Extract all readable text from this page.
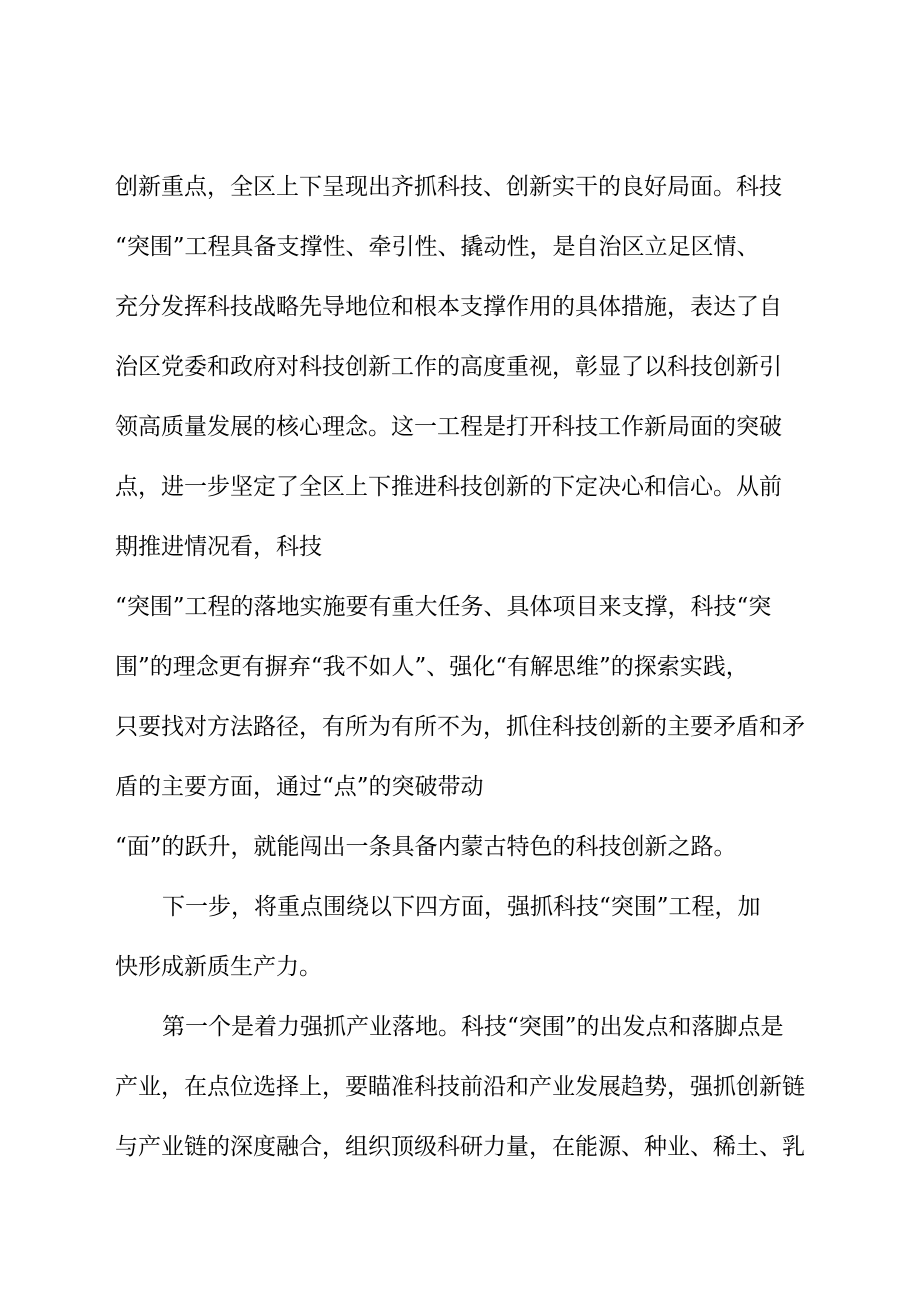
创新重点，全区上下呈现出齐抓科技、创新实干的良好局面。科技
“突围”工程具备支撑性、牵引性、撬动性，是自治区立足区情、
充分发挥科技战略先导地位和根本支撑作用的具体措施，表达了自
治区党委和政府对科技创新工作的高度重视，彰显了以科技创新引
领高质量发展的核心理念。这一工程是打开科技工作新局面的突破
点，进一步坚定了全区上下推进科技创新的下定决心和信心。从前
期推进情况看，科技
“突围”工程的落地实施要有重大任务、具体项目来支撑，科技“突
围”的理念更有摒弃“我不如人”、强化“有解思维”的探索实践，
只要找对方法路径，有所为有所不为，抓住科技创新的主要矛盾和矛
盾的主要方面，通过“点”的突破带动
“面”的跃升，就能闯出一条具备内蒙古特色的科技创新之路。
下一步，将重点围绕以下四方面，强抓科技“突围”工程，加
快形成新质生产力。
第一个是着力强抓产业落地。科技“突围”的出发点和落脚点是
产业，在点位选择上，要瞄准科技前沿和产业发展趋势，强抓创新链
与产业链的深度融合，组织顶级科研力量，在能源、种业、稀土、乳
